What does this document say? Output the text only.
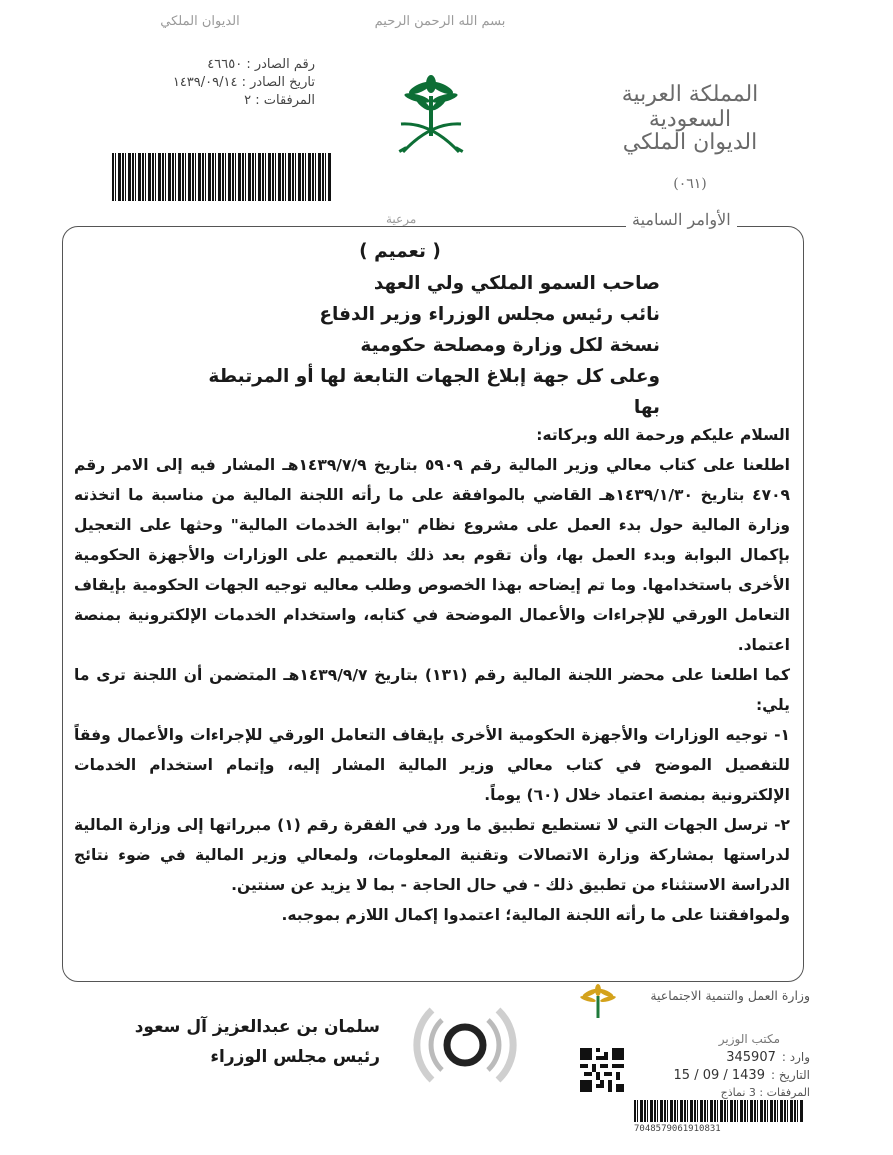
الديوان الملكي	بسم الله الرحمن الرحيم
رقم الصادر : ٤٦٦٥٠
تاريخ الصادر : ١٤٣٩/٠٩/١٤
المرفقات : ٢	المملكة العربية السعودية
الديوان الملكي
(٠٦١)
مرعية	الأوامر السامية
( تعميم )
صاحب السمو الملكي ولي العهد
نائب رئيس مجلس الوزراء وزير الدفاع
نسخة لكل وزارة ومصلحة حكومية
وعلى كل جهة إبلاغ الجهات التابعة لها أو المرتبطة بها

السلام عليكم ورحمة الله وبركاته:

اطلعنا على كتاب معالي وزير المالية رقم ٥٩٠٩ بتاريخ ١٤٣٩/٧/٩هـ المشار فيه إلى الامر رقم ٤٧٠٩ بتاريخ ١٤٣٩/١/٣٠هـ القاضي بالموافقة على ما رأته اللجنة المالية من مناسبة ما اتخذته وزارة المالية حول بدء العمل على مشروع نظام "بوابة الخدمات المالية" وحثها على التعجيل بإكمال البوابة وبدء العمل بها، وأن تقوم بعد ذلك بالتعميم على الوزارات والأجهزة الحكومية الأخرى باستخدامها. وما تم إيضاحه بهذا الخصوص وطلب معاليه توجيه الجهات الحكومية بإيقاف التعامل الورقي للإجراءات والأعمال الموضحة في كتابه، واستخدام الخدمات الإلكترونية بمنصة اعتماد.

كما اطلعنا على محضر اللجنة المالية رقم (١٣١) بتاريخ ١٤٣٩/٩/٧هـ المتضمن أن اللجنة ترى ما يلي:

١- توجيه الوزارات والأجهزة الحكومية الأخرى بإيقاف التعامل الورقي للإجراءات والأعمال وفقاً للتفصيل الموضح في كتاب معالي وزير المالية المشار إليه، وإتمام استخدام الخدمات الإلكترونية بمنصة اعتماد خلال (٦٠) يوماً.

٢- ترسل الجهات التي لا تستطيع تطبيق ما ورد في الفقرة رقم (١) مبرراتها إلى وزارة المالية لدراستها بمشاركة وزارة الاتصالات وتقنية المعلومات، ولمعالي وزير المالية في ضوء نتائج الدراسة الاستثناء من تطبيق ذلك - في حال الحاجة - بما لا يزيد عن سنتين.

ولموافقتنا على ما رأته اللجنة المالية؛ اعتمدوا إكمال اللازم بموجبه.

سلمان بن عبدالعزيز آل سعود
رئيس مجلس الوزراء
وزارة العمل والتنمية الاجتماعية
مكتب الوزير
وارد :
345907
التاريخ :
15 / 09 / 1439
المرفقات : 3 نماذج
7048579061910831
